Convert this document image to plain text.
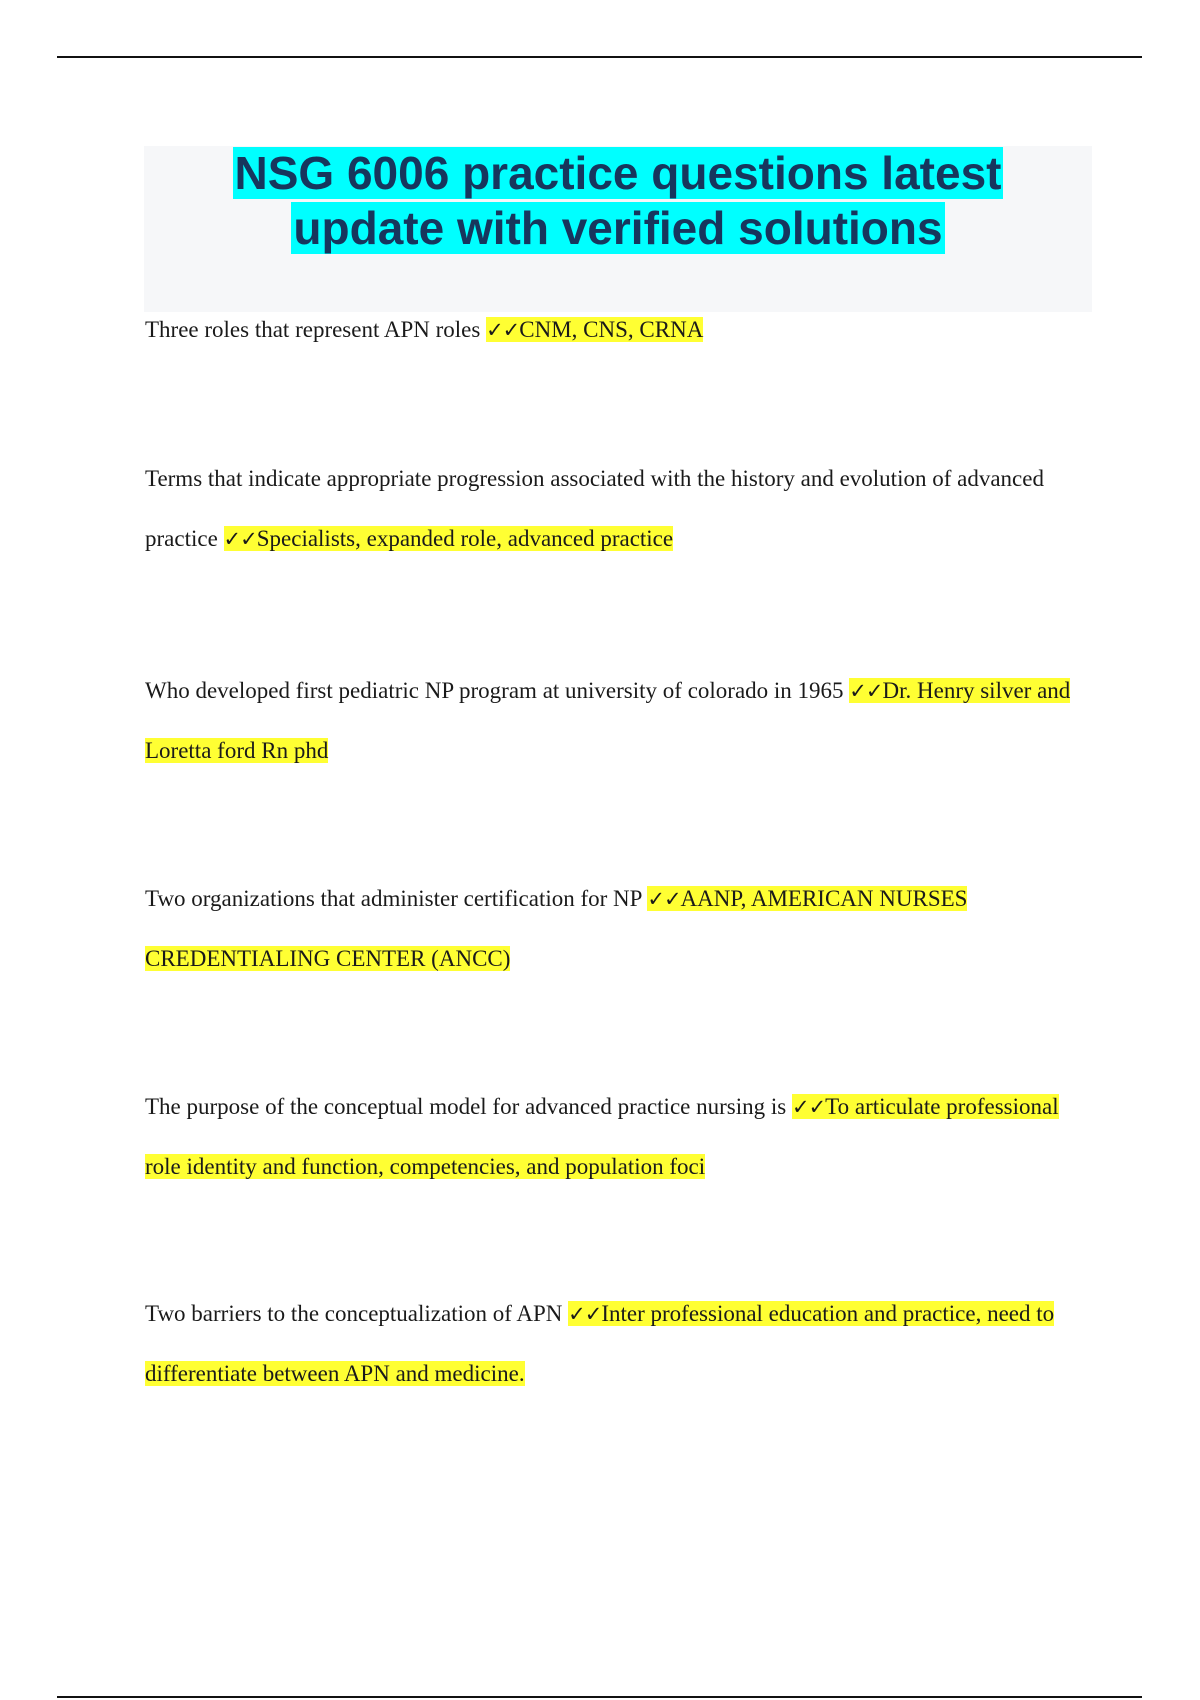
NSG 6006 practice questions latest
update with verified solutions

Three roles that represent APN roles ✓✓CNM, CNS, CRNA

Terms that indicate appropriate progression associated with the history and evolution of advanced practice ✓✓Specialists, expanded role, advanced practice

Who developed first pediatric NP program at university of colorado in 1965 ✓✓Dr. Henry silver and Loretta ford Rn phd

Two organizations that administer certification for NP ✓✓AANP, AMERICAN NURSES CREDENTIALING CENTER (ANCC)

The purpose of the conceptual model for advanced practice nursing is ✓✓To articulate professional role identity and function, competencies, and population foci

Two barriers to the conceptualization of APN ✓✓Inter professional education and practice, need to differentiate between APN and medicine.
